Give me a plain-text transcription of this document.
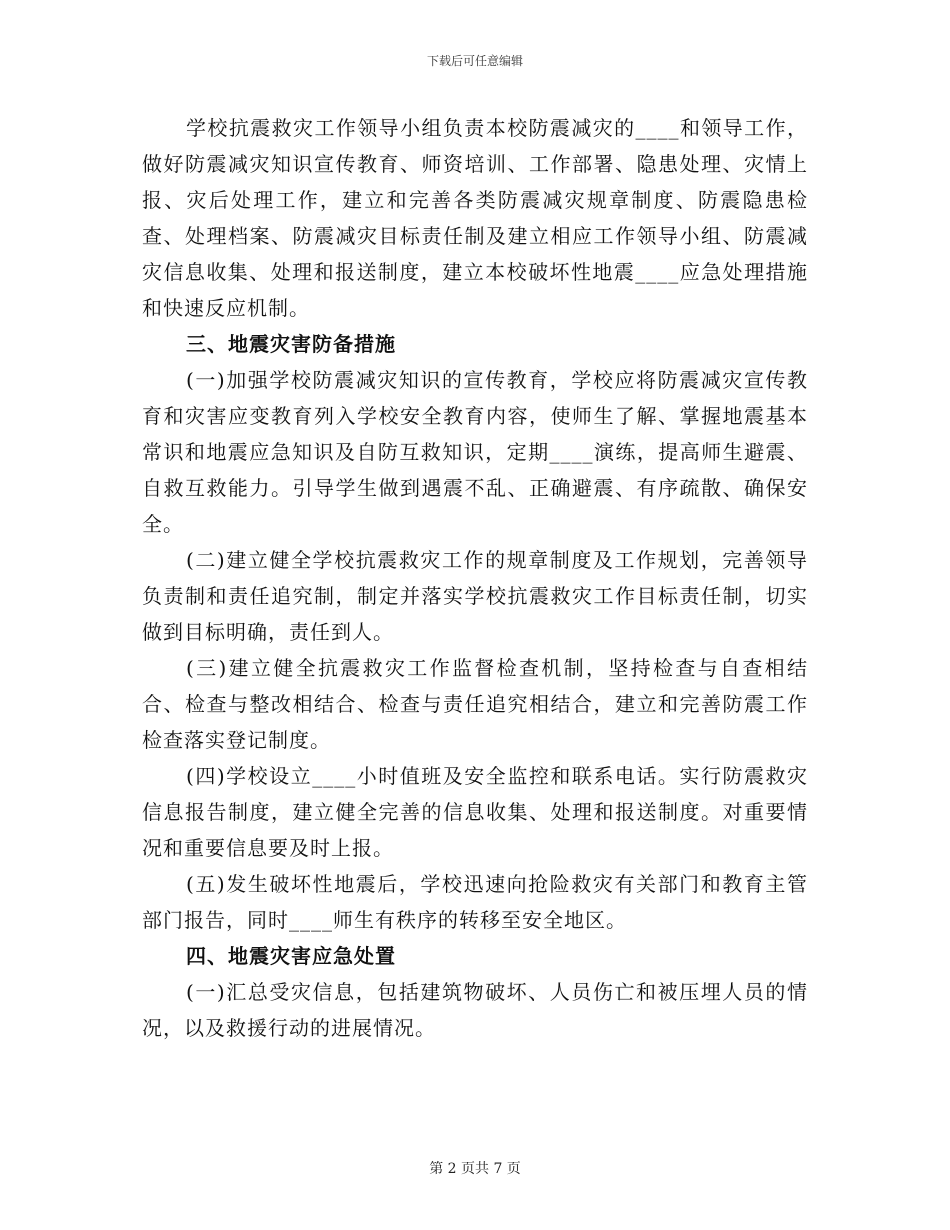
下载后可任意编辑

学校抗震救灾工作领导小组负责本校防震减灾的____和领导工作，做好防震减灾知识宣传教育、师资培训、工作部署、隐患处理、灾情上报、灾后处理工作，建立和完善各类防震减灾规章制度、防震隐患检查、处理档案、防震减灾目标责任制及建立相应工作领导小组、防震减灾信息收集、处理和报送制度，建立本校破坏性地震____应急处理措施和快速反应机制。

三、地震灾害防备措施

(一)加强学校防震减灾知识的宣传教育，学校应将防震减灾宣传教育和灾害应变教育列入学校安全教育内容，使师生了解、掌握地震基本常识和地震应急知识及自防互救知识，定期____演练，提高师生避震、自救互救能力。引导学生做到遇震不乱、正确避震、有序疏散、确保安全。

(二)建立健全学校抗震救灾工作的规章制度及工作规划，完善领导负责制和责任追究制，制定并落实学校抗震救灾工作目标责任制，切实做到目标明确，责任到人。

(三)建立健全抗震救灾工作监督检查机制，坚持检查与自查相结合、检查与整改相结合、检查与责任追究相结合，建立和完善防震工作检查落实登记制度。

(四)学校设立____小时值班及安全监控和联系电话。实行防震救灾信息报告制度，建立健全完善的信息收集、处理和报送制度。对重要情况和重要信息要及时上报。

(五)发生破坏性地震后，学校迅速向抢险救灾有关部门和教育主管部门报告，同时____师生有秩序的转移至安全地区。

四、地震灾害应急处置

(一)汇总受灾信息，包括建筑物破坏、人员伤亡和被压埋人员的情况，以及救援行动的进展情况。

第 2 页共 7 页
